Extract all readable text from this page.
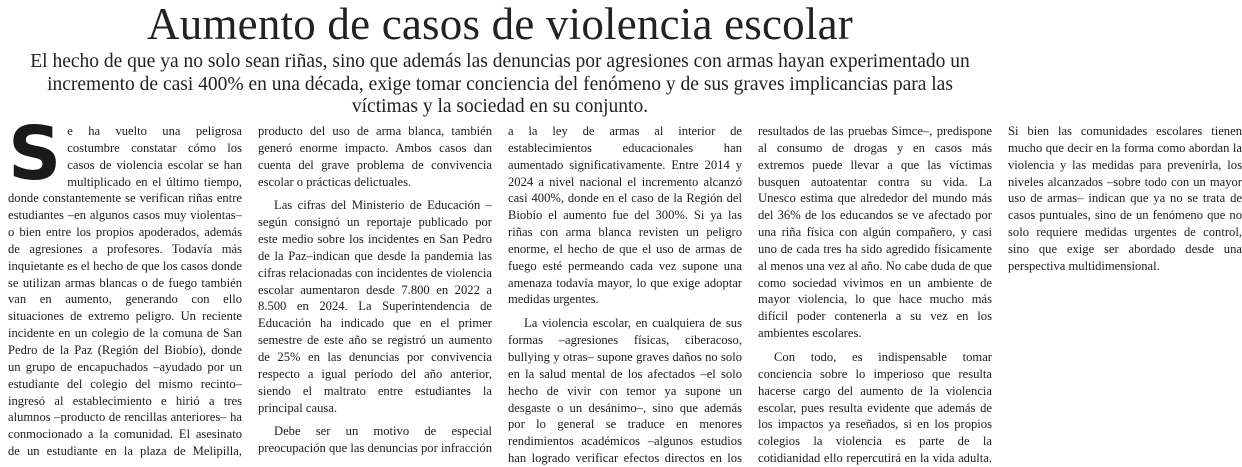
Aumento de casos de violencia escolar

El hecho de que ya no solo sean riñas, sino que además las denuncias por agresiones con armas hayan experimentado un incremento de casi 400% en una década, exige tomar conciencia del fenómeno y de sus graves implicancias para las víctimas y la sociedad en su conjunto.

Se ha vuelto una peligrosa costumbre constatar cómo los casos de violencia escolar se han multiplicado en el último tiempo, donde constantemente se verifican riñas entre estudiantes –en algunos casos muy violentas– o bien entre los propios apoderados, además de agresiones a profesores. Todavía más inquietante es el hecho de que los casos donde se utilizan armas blancas o de fuego también van en aumento, generando con ello situaciones de extremo peligro. Un reciente incidente en un colegio de la comuna de San Pedro de la Paz (Región del Biobío), donde un grupo de encapuchados –ayudado por un estudiante del colegio del mismo recinto– ingresó al establecimiento e hirió a tres alumnos –producto de rencillas anteriores– ha conmocionado a la comunidad. El asesinato de un estudiante en la plaza de Melipilla, producto del uso de arma blanca, también generó enorme impacto. Ambos casos dan cuenta del grave problema de convivencia escolar o prácticas delictuales.

Las cifras del Ministerio de Educación –según consignó un reportaje publicado por este medio sobre los incidentes en San Pedro de la Paz–indican que desde la pandemia las cifras relacionadas con incidentes de violencia escolar aumentaron desde 7.800 en 2022 a 8.500 en 2024. La Superintendencia de Educación ha indicado que en el primer semestre de este año se registró un aumento de 25% en las denuncias por convivencia respecto a igual período del año anterior, siendo el maltrato entre estudiantes la principal causa.

Debe ser un motivo de especial preocupación que las denuncias por infracción a la ley de armas al interior de establecimientos educacionales han aumentado significativamente. Entre 2014 y 2024 a nivel nacional el incremento alcanzó casi 400%, donde en el caso de la Región del Biobío el aumento fue del 300%. Si ya las riñas con arma blanca revisten un peligro enorme, el hecho de que el uso de armas de fuego esté permeando cada vez supone una amenaza todavía mayor, lo que exige adoptar medidas urgentes.

La violencia escolar, en cualquiera de sus formas –agresiones físicas, ciberacoso, bullying y otras– supone graves daños no solo en la salud mental de los afectados –el solo hecho de vivir con temor ya supone un desgaste o un desánimo–, sino que además por lo general se traduce en menores rendimientos académicos –algunos estudios han logrado verificar efectos directos en los resultados de las pruebas Simce–, predispone al consumo de drogas y en casos más extremos puede llevar a que las víctimas busquen autoatentar contra su vida. La Unesco estima que alrededor del mundo más del 36% de los educandos se ve afectado por una riña física con algún compañero, y casi uno de cada tres ha sido agredido físicamente al menos una vez al año. No cabe duda de que como sociedad vivimos en un ambiente de mayor violencia, lo que hace mucho más difícil poder contenerla a su vez en los ambientes escolares.

Con todo, es indispensable tomar conciencia sobre lo imperioso que resulta hacerse cargo del aumento de la violencia escolar, pues resulta evidente que además de los impactos ya reseñados, si en los propios colegios la violencia es parte de la cotidianidad ello repercutirá en la vida adulta. Si bien las comunidades escolares tienen mucho que decir en la forma como abordan la violencia y las medidas para prevenirla, los niveles alcanzados –sobre todo con un mayor uso de armas– indican que ya no se trata de casos puntuales, sino de un fenómeno que no solo requiere medidas urgentes de control, sino que exige ser abordado desde una perspectiva multidimensional.
